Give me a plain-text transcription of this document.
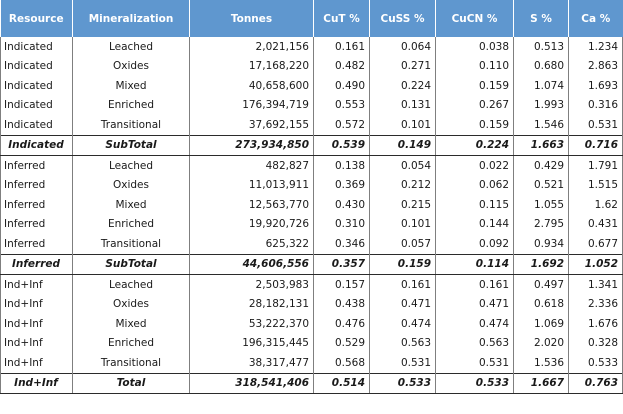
Resource	Mineralization	Tonnes	CuT %	CuSS %	CuCN %	S %	Ca %
Indicated	Leached	2,021,156	0.161	0.064	0.038	0.513	1.234
Indicated	Oxides	17,168,220	0.482	0.271	0.110	0.680	2.863
Indicated	Mixed	40,658,600	0.490	0.224	0.159	1.074	1.693
Indicated	Enriched	176,394,719	0.553	0.131	0.267	1.993	0.316
Indicated	Transitional	37,692,155	0.572	0.101	0.159	1.546	0.531
Indicated	SubTotal	273,934,850	0.539	0.149	0.224	1.663	0.716
Inferred	Leached	482,827	0.138	0.054	0.022	0.429	1.791
Inferred	Oxides	11,013,911	0.369	0.212	0.062	0.521	1.515
Inferred	Mixed	12,563,770	0.430	0.215	0.115	1.055	1.62
Inferred	Enriched	19,920,726	0.310	0.101	0.144	2.795	0.431
Inferred	Transitional	625,322	0.346	0.057	0.092	0.934	0.677
Inferred	SubTotal	44,606,556	0.357	0.159	0.114	1.692	1.052
Ind+Inf	Leached	2,503,983	0.157	0.161	0.161	0.497	1.341
Ind+Inf	Oxides	28,182,131	0.438	0.471	0.471	0.618	2.336
Ind+Inf	Mixed	53,222,370	0.476	0.474	0.474	1.069	1.676
Ind+Inf	Enriched	196,315,445	0.529	0.563	0.563	2.020	0.328
Ind+Inf	Transitional	38,317,477	0.568	0.531	0.531	1.536	0.533
Ind+Inf	Total	318,541,406	0.514	0.533	0.533	1.667	0.763
